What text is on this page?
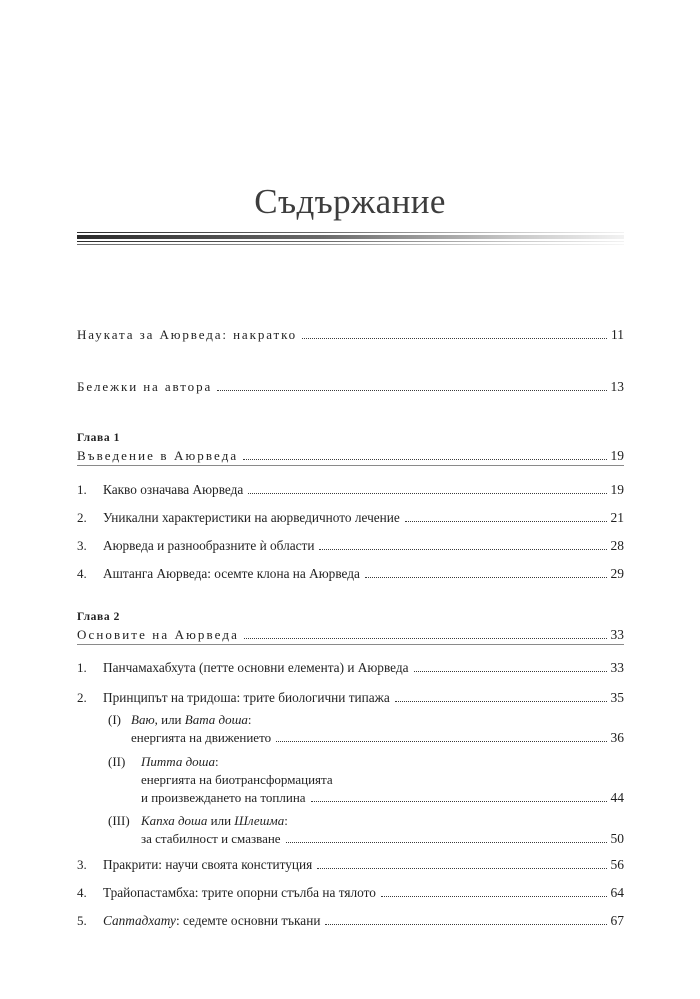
Съдържание
Науката за Аюрведа: накратко	11
Бележки на автора	13
Глава 1
Въведение в Аюрведа	19
1.	Какво означава Аюрведа	19
2.	Уникални характеристики на аюрведичното лечение	21
3.	Аюрведа и разнообразните ѝ области	28
4.	Аштанга Аюрведа: осемте клона на Аюрведа	29
Глава 2
Основите на Аюрведа	33
1.	Панчамахабхута (петте основни елемента) и Аюрведа	33
2.	Принципът на тридоша: трите биологични типажа	35
(I) Ваю, или Вата доша:
енергията на движението	36
(II) Питта доша:
енергията на биотрансформацията
и произвеждането на топлина	44
(III) Капха доша или Шлешма:
за стабилност и смазване	50
3.	Пракрити: научи своята конституция	56
4.	Трайопастамбха: трите опорни стълба на тялото	64
5.	Саптадхату: седемте основни тъкани	67
